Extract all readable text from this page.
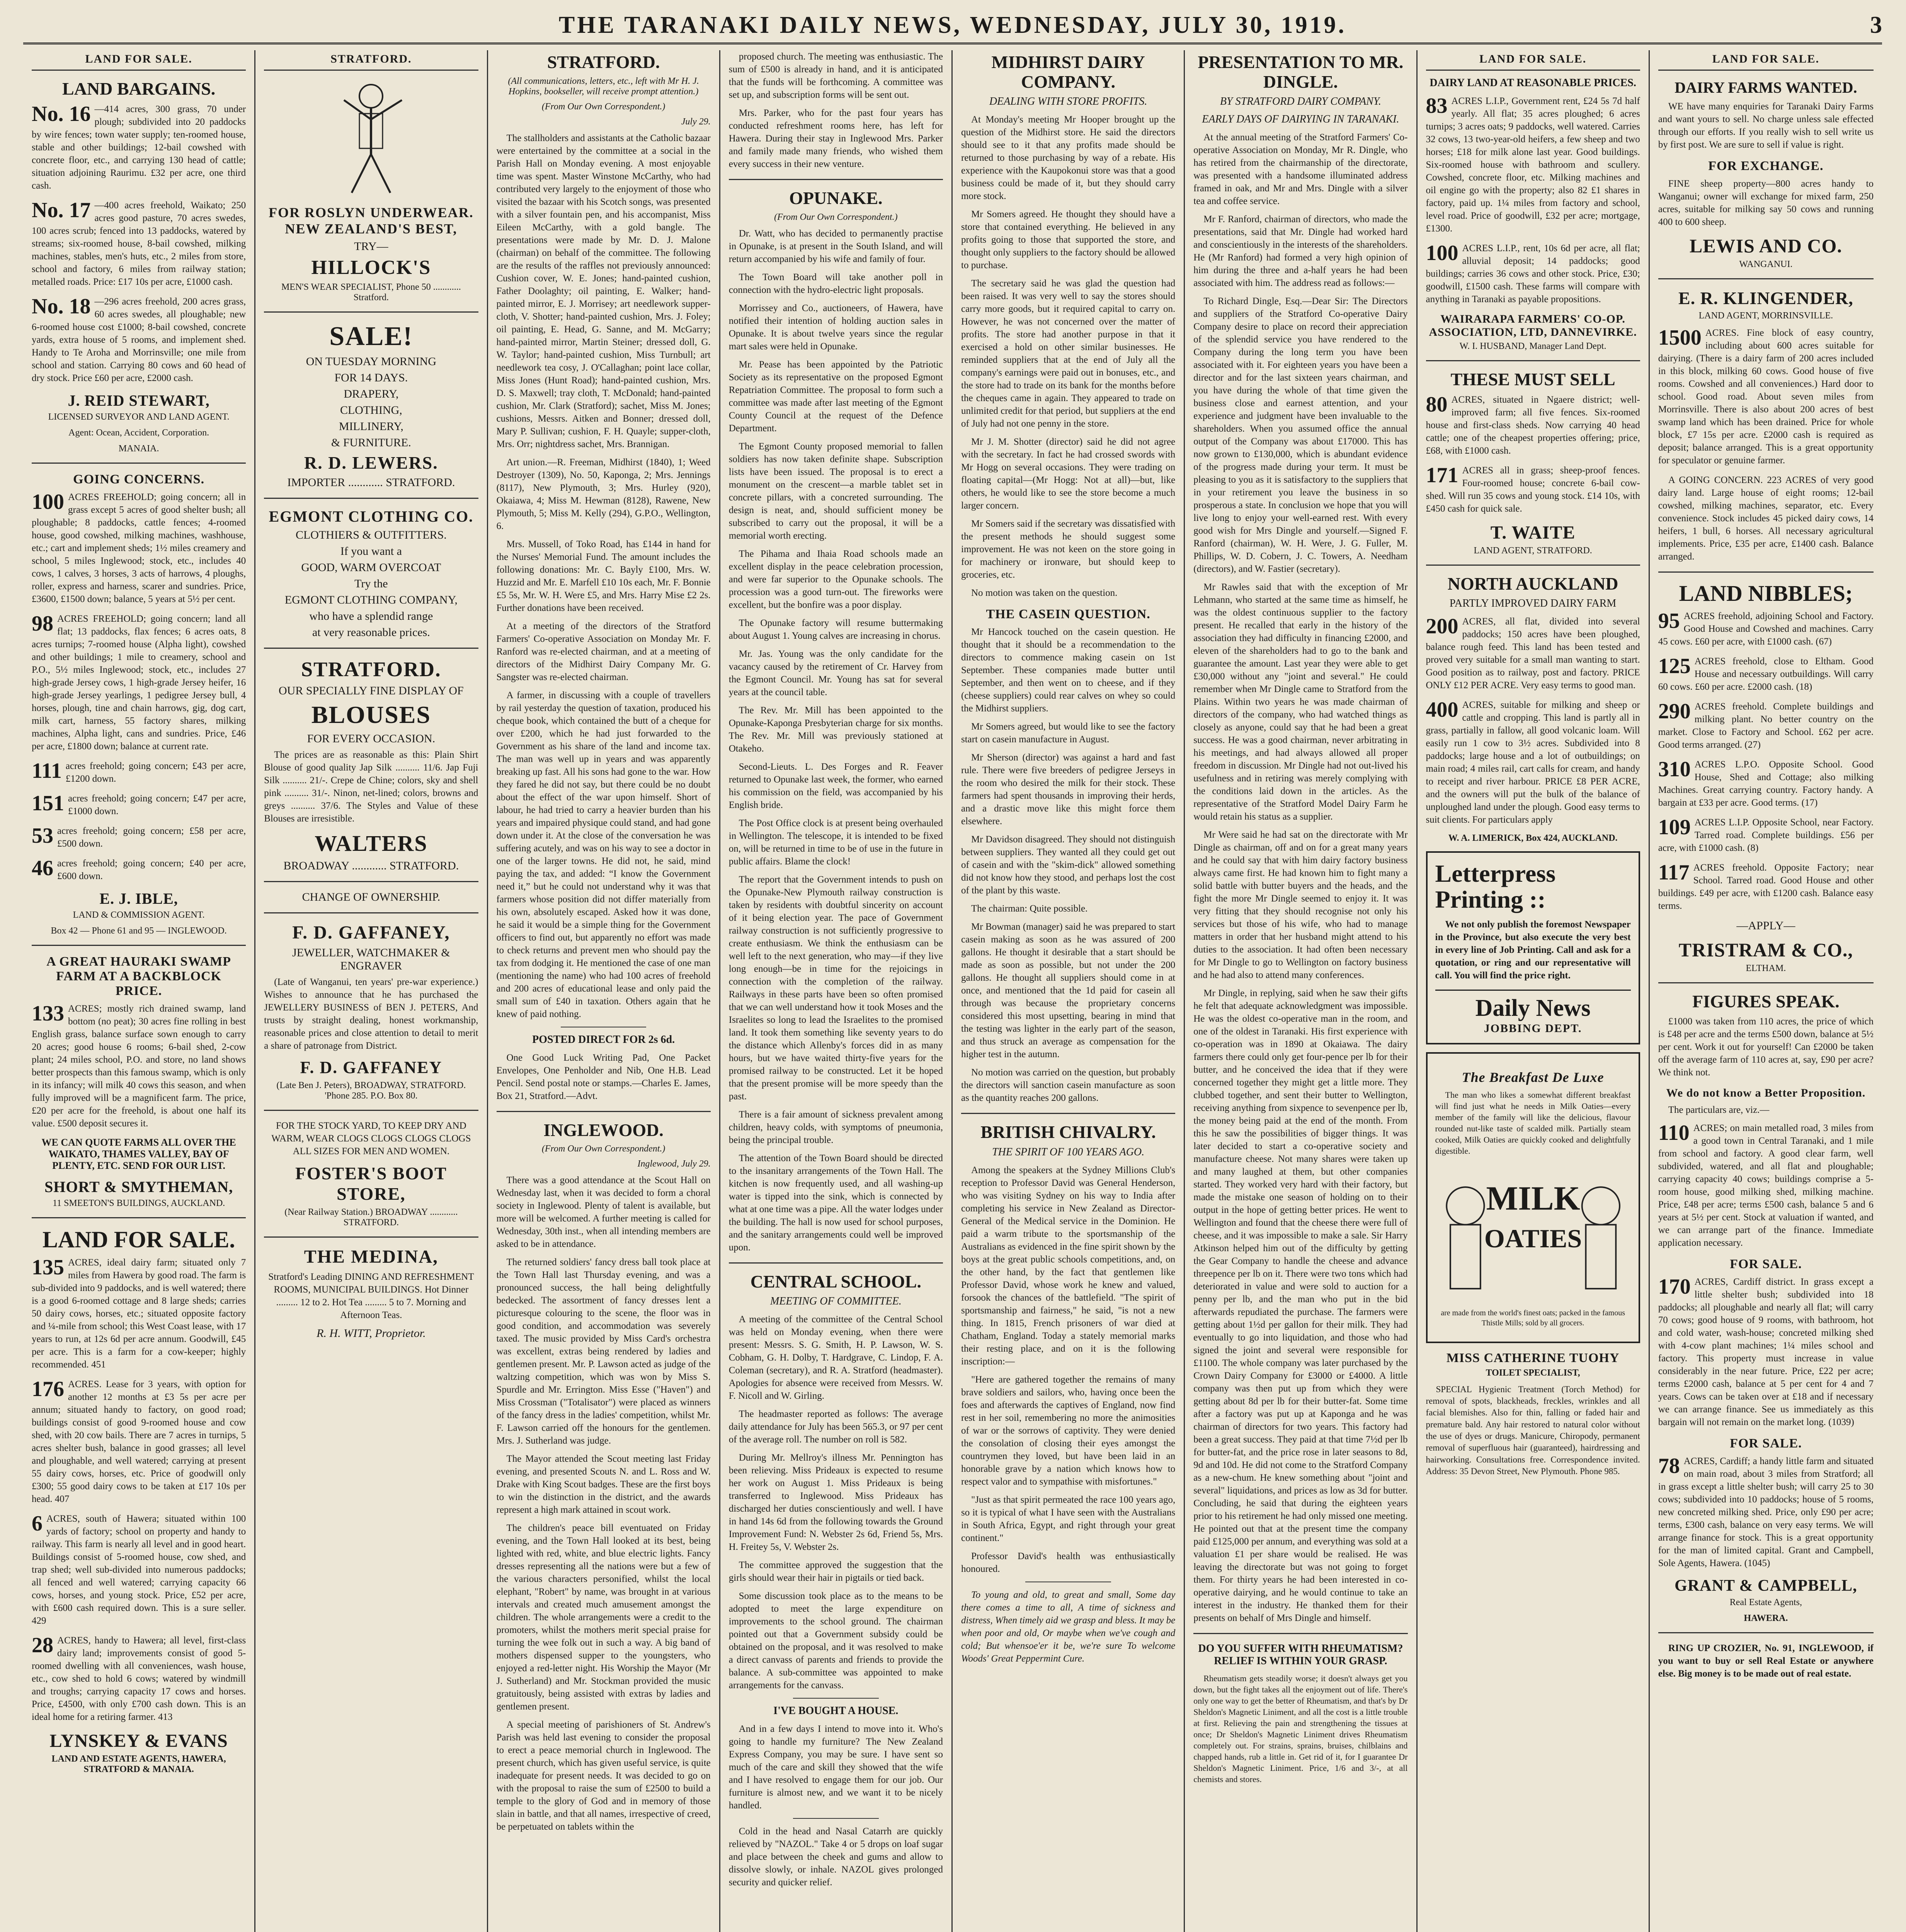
THE TARANAKI DAILY NEWS, WEDNESDAY, JULY 30, 1919.	3
LAND FOR SALE.
LAND BARGAINS.
No. 16 —414 acres, 300 grass, 70 under plough; subdivided into 20 paddocks by wire fences; town water supply; ten-roomed house, stable and other buildings; 12-bail cowshed with concrete floor, etc., and carrying 130 head of cattle; situation adjoining Raurimu. £32 per acre, one third cash.
No. 17 —400 acres freehold, Waikato; 250 acres good pasture, 70 acres swedes, 100 acres scrub; fenced into 13 paddocks, watered by streams; six-roomed house, 8-bail cowshed, milking machines, stables, men's huts, etc., 2 miles from store, school and factory, 6 miles from railway station; metalled roads. Price: £17 10s per acre, £1000 cash.
No. 18 —296 acres freehold, 200 acres grass, 60 acres swedes, all ploughable; new 6-roomed house cost £1000; 8-bail cowshed, concrete yards, extra house of 5 rooms, and implement shed. Handy to Te Aroha and Morrinsville; one mile from school and station. Carrying 80 cows and 60 head of dry stock. Price £60 per acre, £2000 cash.
J. REID STEWART,
LICENSED SURVEYOR AND LAND AGENT.
Agent: Ocean, Accident, Corporation.
MANAIA.
GOING CONCERNS.
100 ACRES FREEHOLD; going concern; all in grass except 5 acres of good shelter bush; all ploughable; 8 paddocks, cattle fences; 4-roomed house, good cowshed, milking machines, washhouse, etc.; cart and implement sheds; 1½ miles creamery and school, 5 miles Inglewood; stock, etc., includes 40 cows, 1 calves, 3 horses, 3 acts of harrows, 4 ploughs, roller, express and harness, scarer and sundries. Price, £3600, £1500 down; balance, 5 years at 5½ per cent.
98 ACRES FREEHOLD; going concern; land all flat; 13 paddocks, flax fences; 6 acres oats, 8 acres turnips; 7-roomed house (Alpha light), cowshed and other buildings; 1 mile to creamery, school and P.O., 5½ miles Inglewood; stock, etc., includes 27 high-grade Jersey cows, 1 high-grade Jersey heifer, 16 high-grade Jersey yearlings, 1 pedigree Jersey bull, 4 horses, plough, tine and chain harrows, gig, dog cart, milk cart, harness, 55 factory shares, milking machines, Alpha light, cans and sundries. Price, £46 per acre, £1800 down; balance at current rate.
111 acres freehold; going concern; £43 per acre, £1200 down.
151 acres freehold; going concern; £47 per acre, £1000 down.
53 acres freehold; going concern; £58 per acre, £500 down.
46 acres freehold; going concern; £40 per acre, £600 down.
E. J. IBLE,
LAND & COMMISSION AGENT.
Box 42 — Phone 61 and 95 — INGLEWOOD.
A GREAT HAURAKI SWAMP FARM AT A BACKBLOCK PRICE.
133 ACRES; mostly rich drained swamp, land bottom (no peat); 30 acres fine rolling in best English grass, balance surface sown enough to carry 20 acres; good house 6 rooms; 6-bail shed, 2-cow plant; 24 miles school, P.O. and store, no land shows better prospects than this famous swamp, which is only in its infancy; will milk 40 cows this season, and when fully improved will be a magnificent farm. The price, £20 per acre for the freehold, is about one half its value. £500 deposit secures it.
WE CAN QUOTE FARMS ALL OVER THE WAIKATO, THAMES VALLEY, BAY OF PLENTY, ETC. SEND FOR OUR LIST.
SHORT & SMYTHEMAN,
11 SMEETON'S BUILDINGS, AUCKLAND.
LAND FOR SALE.
135 ACRES, ideal dairy farm; situated only 7 miles from Hawera by good road. The farm is sub-divided into 9 paddocks, and is well watered; there is a good 6-roomed cottage and 8 large sheds; carries 50 dairy cows, horses, etc.; situated opposite factory and ¼-mile from school; this West Coast lease, with 17 years to run, at 12s 6d per acre annum. Goodwill, £45 per acre. This is a farm for a cow-keeper; highly recommended. 451
176 ACRES. Lease for 3 years, with option for another 12 months at £3 5s per acre per annum; situated handy to factory, on good road; buildings consist of good 9-roomed house and cow shed, with 20 cow bails. There are 7 acres in turnips, 5 acres shelter bush, balance in good grasses; all level and ploughable, and well watered; carrying at present 55 dairy cows, horses, etc. Price of goodwill only £300; 55 good dairy cows to be taken at £17 10s per head. 407
6 ACRES, south of Hawera; situated within 100 yards of factory; school on property and handy to railway. This farm is nearly all level and in good heart. Buildings consist of 5-roomed house, cow shed, and trap shed; well sub-divided into numerous paddocks; all fenced and well watered; carrying capacity 66 cows, horses, and young stock. Price, £52 per acre, with £600 cash required down. This is a sure seller. 429
28 ACRES, handy to Hawera; all level, first-class dairy land; improvements consist of good 5-roomed dwelling with all conveniences, wash house, etc., cow shed to hold 6 cows; watered by windmill and troughs; carrying capacity 17 cows and horses. Price, £4500, with only £700 cash down. This is an ideal home for a retiring farmer. 413
LYNSKEY & EVANS
LAND AND ESTATE AGENTS, HAWERA, STRATFORD & MANAIA.
STRATFORD.
FOR ROSLYN UNDERWEAR. NEW ZEALAND'S BEST,
TRY—
HILLOCK'S
MEN'S WEAR SPECIALIST, Phone 50 ............ Stratford.
SALE!
ON TUESDAY MORNING
FOR 14 DAYS.
DRAPERY,
CLOTHING,
MILLINERY,
& FURNITURE.
R. D. LEWERS.
IMPORTER ............ STRATFORD.
EGMONT CLOTHING CO.
CLOTHIERS & OUTFITTERS.
If you want a
GOOD, WARM OVERCOAT
Try the
EGMONT CLOTHING COMPANY,
who have a splendid range
at very reasonable prices.
STRATFORD.
OUR SPECIALLY FINE DISPLAY OF
BLOUSES
FOR EVERY OCCASION.

The prices are as reasonable as this: Plain Shirt Blouse of good quality Jap Silk .......... 11/6. Jap Fuji Silk .......... 21/-. Crepe de Chine; colors, sky and shell pink .......... 31/-. Ninon, net-lined; colors, browns and greys .......... 37/6. The Styles and Value of these Blouses are irresistible.

WALTERS
BROADWAY ............ STRATFORD.
CHANGE OF OWNERSHIP.
F. D. GAFFANEY,
JEWELLER, WATCHMAKER & ENGRAVER

(Late of Wanganui, ten years' pre-war experience.) Wishes to announce that he has purchased the JEWELLERY BUSINESS of BEN J. PETERS, And trusts by straight dealing, honest workmanship, reasonable prices and close attention to detail to merit a share of patronage from District.

F. D. GAFFANEY
(Late Ben J. Peters), BROADWAY, STRATFORD. 'Phone 285. P.O. Box 80.

FOR THE STOCK YARD, TO KEEP DRY AND WARM, WEAR CLOGS CLOGS CLOGS CLOGS ALL SIZES FOR MEN AND WOMEN.

FOSTER'S BOOT STORE,
(Near Railway Station.) BROADWAY ............ STRATFORD.
THE MEDINA,

Stratford's Leading DINING AND REFRESHMENT ROOMS, MUNICIPAL BUILDINGS. Hot Dinner ......... 12 to 2. Hot Tea ......... 5 to 7. Morning and Afternoon Teas.

R. H. WITT, Proprietor.
STRATFORD.
(All communications, letters, etc., left with Mr H. J. Hopkins, bookseller, will receive prompt attention.)
(From Our Own Correspondent.)
July 29.

The stallholders and assistants at the Catholic bazaar were entertained by the committee at a social in the Parish Hall on Monday evening. A most enjoyable time was spent. Master Winstone McCarthy, who had contributed very largely to the enjoyment of those who visited the bazaar with his Scotch songs, was presented with a silver fountain pen, and his accompanist, Miss Eileen McCarthy, with a gold bangle. The presentations were made by Mr. D. J. Malone (chairman) on behalf of the committee. The following are the results of the raffles not previously announced: Cushion cover, W. E. Jones; hand-painted cushion, Father Doolaghty; oil painting, E. Walker; hand-painted mirror, E. J. Morrisey; art needlework supper-cloth, V. Shotter; hand-painted cushion, Mrs. J. Foley; oil painting, E. Head, G. Sanne, and M. McGarry; hand-painted mirror, Martin Steiner; dressed doll, G. W. Taylor; hand-painted cushion, Miss Turnbull; art needlework tea cosy, J. O'Callaghan; point lace collar, Miss Jones (Hunt Road); hand-painted cushion, Mrs. D. S. Maxwell; tray cloth, T. McDonald; hand-painted cushion, Mr. Clark (Stratford); sachet, Miss M. Jones; cushions, Messrs. Aitken and Bonner; dressed doll, Mary P. Sullivan; cushion, F. H. Quayle; supper-cloth, Mrs. Orr; nightdress sachet, Mrs. Brannigan.

Art union.—R. Freeman, Midhirst (1840), 1; Weed Destroyer (1309), No. 50, Kaponga, 2; Mrs. Jennings (8117), New Plymouth, 3; Mrs. Hurley (920), Okaiawa, 4; Miss M. Hewman (8128), Rawene, New Plymouth, 5; Miss M. Kelly (294), G.P.O., Wellington, 6.

Mrs. Mussell, of Toko Road, has £144 in hand for the Nurses' Memorial Fund. The amount includes the following donations: Mr. C. Bayly £100, Mrs. W. Huzzid and Mr. E. Marfell £10 10s each, Mr. F. Bonnie £5 5s, Mr. W. H. Were £5, and Mrs. Harry Mise £2 2s. Further donations have been received.

At a meeting of the directors of the Stratford Farmers' Co-operative Association on Monday Mr. F. Ranford was re-elected chairman, and at a meeting of directors of the Midhirst Dairy Company Mr. G. Sangster was re-elected chairman.

A farmer, in discussing with a couple of travellers by rail yesterday the question of taxation, produced his cheque book, which contained the butt of a cheque for over £200, which he had just forwarded to the Government as his share of the land and income tax. The man was well up in years and was apparently breaking up fast. All his sons had gone to the war. How they fared he did not say, but there could be no doubt about the effect of the war upon himself. Short of labour, he had tried to carry a heavier burden than his years and impaired physique could stand, and had gone down under it. At the close of the conversation he was suffering acutely, and was on his way to see a doctor in one of the larger towns. He did not, he said, mind paying the tax, and added: “I know the Government need it,” but he could not understand why it was that farmers whose position did not differ materially from his own, absolutely escaped. Asked how it was done, he said it would be a simple thing for the Government officers to find out, but apparently no effort was made to check returns and prevent men who should pay the tax from dodging it. He mentioned the case of one man (mentioning the name) who had 100 acres of freehold and 200 acres of educational lease and only paid the small sum of £40 in taxation. Others again that he knew of paid nothing.

POSTED DIRECT FOR 2s 6d.

One Good Luck Writing Pad, One Packet Envelopes, One Penholder and Nib, One H.B. Lead Pencil. Send postal note or stamps.—Charles E. James, Box 21, Stratford.—Advt.

INGLEWOOD.
(From Our Own Correspondent.)
Inglewood, July 29.

There was a good attendance at the Scout Hall on Wednesday last, when it was decided to form a choral society in Inglewood. Plenty of talent is available, but more will be welcomed. A further meeting is called for Wednesday, 30th inst., when all intending members are asked to be in attendance.

The returned soldiers' fancy dress ball took place at the Town Hall last Thursday evening, and was a pronounced success, the hall being delightfully bedecked. The assortment of fancy dresses lent a picturesque colouring to the scene, the floor was in good condition, and accommodation was severely taxed. The music provided by Miss Card's orchestra was excellent, extras being rendered by ladies and gentlemen present. Mr. P. Lawson acted as judge of the waltzing competition, which was won by Miss S. Spurdle and Mr. Errington. Miss Esse ("Haven") and Miss Crossman ("Totalisator") were placed as winners of the fancy dress in the ladies' competition, whilst Mr. F. Lawson carried off the honours for the gentlemen. Mrs. J. Sutherland was judge.

The Mayor attended the Scout meeting last Friday evening, and presented Scouts N. and L. Ross and W. Drake with King Scout badges. These are the first boys to win the distinction in the district, and the awards represent a high mark attained in scout work.

The children's peace bill eventuated on Friday evening, and the Town Hall looked at its best, being lighted with red, white, and blue electric lights. Fancy dresses representing all the nations were but a few of the various characters personified, whilst the local elephant, "Robert" by name, was brought in at various intervals and created much amusement amongst the children. The whole arrangements were a credit to the promoters, whilst the mothers merit special praise for turning the wee folk out in such a way. A big band of mothers dispensed supper to the youngsters, who enjoyed a red-letter night. His Worship the Mayor (Mr J. Sutherland) and Mr. Stockman provided the music gratuitously, being assisted with extras by ladies and gentlemen present.

A special meeting of parishioners of St. Andrew's Parish was held last evening to consider the proposal to erect a peace memorial church in Inglewood. The present church, which has given useful service, is quite inadequate for present needs. It was decided to go on with the proposal to raise the sum of £2500 to build a temple to the glory of God and in memory of those slain in battle, and that all names, irrespective of creed, be perpetuated on tablets within the

proposed church. The meeting was enthusiastic. The sum of £500 is already in hand, and it is anticipated that the funds will be forthcoming. A committee was set up, and subscription forms will be sent out.

Mrs. Parker, who for the past four years has conducted refreshment rooms here, has left for Hawera. During their stay in Inglewood Mrs. Parker and family made many friends, who wished them every success in their new venture.

OPUNAKE.
(From Our Own Correspondent.)

Dr. Watt, who has decided to permanently practise in Opunake, is at present in the South Island, and will return accompanied by his wife and family of four.

The Town Board will take another poll in connection with the hydro-electric light proposals.

Morrissey and Co., auctioneers, of Hawera, have notified their intention of holding auction sales in Opunake. It is about twelve years since the regular mart sales were held in Opunake.

Mr. Pease has been appointed by the Patriotic Society as its representative on the proposed Egmont Repatriation Committee. The proposal to form such a committee was made after last meeting of the Egmont County Council at the request of the Defence Department.

The Egmont County proposed memorial to fallen soldiers has now taken definite shape. Subscription lists have been issued. The proposal is to erect a monument on the crescent—a marble tablet set in concrete pillars, with a concreted surrounding. The design is neat, and, should sufficient money be subscribed to carry out the proposal, it will be a memorial worth erecting.

The Pihama and Ihaia Road schools made an excellent display in the peace celebration procession, and were far superior to the Opunake schools. The procession was a good turn-out. The fireworks were excellent, but the bonfire was a poor display.

The Opunake factory will resume buttermaking about August 1. Young calves are increasing in chorus.

Mr. Jas. Young was the only candidate for the vacancy caused by the retirement of Cr. Harvey from the Egmont Council. Mr. Young has sat for several years at the council table.

The Rev. Mr. Mill has been appointed to the Opunake-Kaponga Presbyterian charge for six months. The Rev. Mr. Mill was previously stationed at Otakeho.

Second-Lieuts. L. Des Forges and R. Feaver returned to Opunake last week, the former, who earned his commission on the field, was accompanied by his English bride.

The Post Office clock is at present being overhauled in Wellington. The telescope, it is intended to be fixed on, will be returned in time to be of use in the future in public affairs. Blame the clock!

The report that the Government intends to push on the Opunake-New Plymouth railway construction is taken by residents with doubtful sincerity on account of it being election year. The pace of Government railway construction is not sufficiently progressive to create enthusiasm. We think the enthusiasm can be well left to the next generation, who may—if they live long enough—be in time for the rejoicings in connection with the completion of the railway. Railways in these parts have been so often promised that we can well understand how it took Moses and the Israelites so long to lead the Israelites to the promised land. It took them something like seventy years to do the distance which Allenby's forces did in as many hours, but we have waited thirty-five years for the promised railway to be constructed. Let it be hoped that the present promise will be more speedy than the past.

There is a fair amount of sickness prevalent among children, heavy colds, with symptoms of pneumonia, being the principal trouble.

The attention of the Town Board should be directed to the insanitary arrangements of the Town Hall. The kitchen is now frequently used, and all washing-up water is tipped into the sink, which is connected by what at one time was a pipe. All the water lodges under the building. The hall is now used for school purposes, and the sanitary arrangements could well be improved upon.

CENTRAL SCHOOL.
MEETING OF COMMITTEE.

A meeting of the committee of the Central School was held on Monday evening, when there were present: Messrs. S. G. Smith, H. P. Lawson, W. S. Cobham, G. H. Dolby, T. Hardgrave, C. Lindop, F. A. Coleman (secretary), and R. A. Stratford (headmaster). Apologies for absence were received from Messrs. W. F. Nicoll and W. Girling.

The headmaster reported as follows: The average daily attendance for July has been 565.3, or 97 per cent of the average roll. The number on roll is 582.

During Mr. Mellroy's illness Mr. Pennington has been relieving. Miss Prideaux is expected to resume her work on August 1. Miss Prideaux is being transferred to Inglewood. Miss Prideaux has discharged her duties conscientiously and well. I have in hand 14s 6d from the following towards the Ground Improvement Fund: N. Webster 2s 6d, Friend 5s, Mrs. H. Freitey 5s, V. Webster 2s.

The committee approved the suggestion that the girls should wear their hair in pigtails or tied back.

Some discussion took place as to the means to be adopted to meet the large expenditure on improvements to the school ground. The chairman pointed out that a Government subsidy could be obtained on the proposal, and it was resolved to make a direct canvass of parents and friends to provide the balance. A sub-committee was appointed to make arrangements for the canvass.

I'VE BOUGHT A HOUSE.

And in a few days I intend to move into it. Who's going to handle my furniture? The New Zealand Express Company, you may be sure. I have sent so much of the care and skill they showed that the wife and I have resolved to engage them for our job. Our furniture is almost new, and we want it to be nicely handled.

Cold in the head and Nasal Catarrh are quickly relieved by "NAZOL." Take 4 or 5 drops on loaf sugar and place between the cheek and gums and allow to dissolve slowly, or inhale. NAZOL gives prolonged security and quicker relief.

MIDHIRST DAIRY COMPANY.
DEALING WITH STORE PROFITS.

At Monday's meeting Mr Hooper brought up the question of the Midhirst store. He said the directors should see to it that any profits made should be returned to those purchasing by way of a rebate. His experience with the Kaupokonui store was that a good business could be made of it, but they should carry more stock.

Mr Somers agreed. He thought they should have a store that contained everything. He believed in any profits going to those that supported the store, and thought only suppliers to the factory should be allowed to purchase.

The secretary said he was glad the question had been raised. It was very well to say the stores should carry more goods, but it required capital to carry on. However, he was not concerned over the matter of profits. The store had another purpose in that it exercised a hold on other similar businesses. He reminded suppliers that at the end of July all the company's earnings were paid out in bonuses, etc., and the store had to trade on its bank for the months before the cheques came in again. They appeared to trade on unlimited credit for that period, but suppliers at the end of July had not one penny in the store.

Mr J. M. Shotter (director) said he did not agree with the secretary. In fact he had crossed swords with Mr Hogg on several occasions. They were trading on floating capital—(Mr Hogg: Not at all)—but, like others, he would like to see the store become a much larger concern.

Mr Somers said if the secretary was dissatisfied with the present methods he should suggest some improvement. He was not keen on the store going in for machinery or ironware, but should keep to groceries, etc.

No motion was taken on the question.

THE CASEIN QUESTION.

Mr Hancock touched on the casein question. He thought that it should be a recommendation to the directors to commence making casein on 1st September. These companies made butter until September, and then went on to cheese, and if they (cheese suppliers) could rear calves on whey so could the Midhirst suppliers.

Mr Somers agreed, but would like to see the factory start on casein manufacture in August.

Mr Sherson (director) was against a hard and fast rule. There were five breeders of pedigree Jerseys in the room who desired the milk for their stock. These farmers had spent thousands in improving their herds, and a drastic move like this might force them elsewhere.

Mr Davidson disagreed. They should not distinguish between suppliers. They wanted all they could get out of casein and with the "skim-dick" allowed something did not know how they stood, and perhaps lost the cost of the plant by this waste.

The chairman: Quite possible.

Mr Bowman (manager) said he was prepared to start casein making as soon as he was assured of 200 gallons. He thought it desirable that a start should be made as soon as possible, but not under the 200 gallons. He thought all suppliers should come in at once, and mentioned that the 1d paid for casein all through was because the proprietary concerns considered this most upsetting, bearing in mind that the testing was lighter in the early part of the season, and thus struck an average as compensation for the higher test in the autumn.

No motion was carried on the question, but probably the directors will sanction casein manufacture as soon as the quantity reaches 200 gallons.

BRITISH CHIVALRY.
THE SPIRIT OF 100 YEARS AGO.

Among the speakers at the Sydney Millions Club's reception to Professor David was General Henderson, who was visiting Sydney on his way to India after completing his service in New Zealand as Director-General of the Medical service in the Dominion. He paid a warm tribute to the sportsmanship of the Australians as evidenced in the fine spirit shown by the boys at the great public schools competitions, and, on the other hand, by the fact that gentlemen like Professor David, whose work he knew and valued, forsook the chances of the battlefield. "The spirit of sportsmanship and fairness," he said, "is not a new thing. In 1815, French prisoners of war died at Chatham, England. Today a stately memorial marks their resting place, and on it is the following inscription:—

"Here are gathered together the remains of many brave soldiers and sailors, who, having once been the foes and afterwards the captives of England, now find rest in her soil, remembering no more the animosities of war or the sorrows of captivity. They were denied the consolation of closing their eyes amongst the countrymen they loved, but have been laid in an honorable grave by a nation which knows how to respect valor and to sympathise with misfortunes."

"Just as that spirit permeated the race 100 years ago, so it is typical of what I have seen with the Australians in South Africa, Egypt, and right through your great continent."

Professor David's health was enthusiastically honoured.

To young and old, to great and small, Some day there comes a time to all, A time of sickness and distress, When timely aid we grasp and bless. It may be when poor and old, Or maybe when we've cough and cold; But whensoe'er it be, we're sure To welcome Woods' Great Peppermint Cure.

PRESENTATION TO MR. DINGLE.
BY STRATFORD DAIRY COMPANY.
EARLY DAYS OF DAIRYING IN TARANAKI.

At the annual meeting of the Stratford Farmers' Co-operative Association on Monday, Mr R. Dingle, who has retired from the chairmanship of the directorate, was presented with a handsome illuminated address framed in oak, and Mr and Mrs. Dingle with a silver tea and coffee service.

Mr F. Ranford, chairman of directors, who made the presentations, said that Mr. Dingle had worked hard and conscientiously in the interests of the shareholders. He (Mr Ranford) had formed a very high opinion of him during the three and a-half years he had been associated with him. The address read as follows:—

To Richard Dingle, Esq.—Dear Sir: The Directors and suppliers of the Stratford Co-operative Dairy Company desire to place on record their appreciation of the splendid service you have rendered to the Company during the long term you have been associated with it. For eighteen years you have been a director and for the last sixteen years chairman, and you have during the whole of that time given the business close and earnest attention, and your experience and judgment have been invaluable to the shareholders. When you assumed office the annual output of the Company was about £17000. This has now grown to £130,000, which is abundant evidence of the progress made during your term. It must be pleasing to you as it is satisfactory to the suppliers that in your retirement you leave the business in so prosperous a state. In conclusion we hope that you will live long to enjoy your well-earned rest. With every good wish for Mrs Dingle and yourself.—Signed F. Ranford (chairman), W. H. Were, J. G. Fuller, M. Phillips, W. D. Cobern, J. C. Towers, A. Needham (directors), and W. Fastier (secretary).

Mr Rawles said that with the exception of Mr Lehmann, who started at the same time as himself, he was the oldest continuous supplier to the factory present. He recalled that early in the history of the association they had difficulty in financing £2000, and eleven of the shareholders had to go to the bank and guarantee the amount. Last year they were able to get £30,000 without any "joint and several." He could remember when Mr Dingle came to Stratford from the Plains. Within two years he was made chairman of directors of the company, who had watched things as closely as anyone, could say that he had been a great success. He was a good chairman, never arbitrating in his meetings, and had always allowed all proper freedom in discussion. Mr Dingle had not out-lived his usefulness and in retiring was merely complying with the conditions laid down in the articles. As the representative of the Stratford Model Dairy Farm he would retain his status as a supplier.

Mr Were said he had sat on the directorate with Mr Dingle as chairman, off and on for a great many years and he could say that with him dairy factory business always came first. He had known him to fight many a solid battle with butter buyers and the heads, and the fight the more Mr Dingle seemed to enjoy it. It was very fitting that they should recognise not only his services but those of his wife, who had to manage matters in order that her husband might attend to his duties to the association. It had often been necessary for Mr Dingle to go to Wellington on factory business and he had also to attend many conferences.

Mr Dingle, in replying, said when he saw their gifts he felt that adequate acknowledgment was impossible. He was the oldest co-operative man in the room, and one of the oldest in Taranaki. His first experience with co-operation was in 1890 at Okaiawa. The dairy farmers there could only get four-pence per lb for their butter, and he conceived the idea that if they were concerned together they might get a little more. They clubbed together, and sent their butter to Wellington, receiving anything from sixpence to sevenpence per lb, the money being paid at the end of the month. From this he saw the possibilities of bigger things. It was later decided to start a co-operative society and manufacture cheese. Not many shares were taken up and many laughed at them, but other companies started. They worked very hard with their factory, but made the mistake one season of holding on to their output in the hope of getting better prices. He went to Wellington and found that the cheese there were full of cheese, and it was impossible to make a sale. Sir Harry Atkinson helped him out of the difficulty by getting the Gear Company to handle the cheese and advance threepence per lb on it. There were two tons which had deteriorated in value and were sold to auction for a penny per lb, and the man who put in the bid afterwards repudiated the purchase. The farmers were getting about 1½d per gallon for their milk. They had eventually to go into liquidation, and those who had signed the joint and several were responsible for £1100. The whole company was later purchased by the Crown Dairy Company for £3000 or £4000. A little company was then put up from which they were getting about 8d per lb for their butter-fat. Some time after a factory was put up at Kaponga and he was chairman of directors for two years. This factory had been a great success. They paid at that time 7½d per lb for butter-fat, and the price rose in later seasons to 8d, 9d and 10d. He did not come to the Stratford Company as a new-chum. He knew something about "joint and several" liquidations, and prices as low as 3d for butter. Concluding, he said that during the eighteen years prior to his retirement he had only missed one meeting. He pointed out that at the present time the company paid £125,000 per annum, and everything was sold at a valuation £1 per share would be realised. He was leaving the directorate but was not going to forget them. For thirty years he had been interested in co-operative dairying, and he would continue to take an interest in the industry. He thanked them for their presents on behalf of Mrs Dingle and himself.

DO YOU SUFFER WITH RHEUMATISM? RELIEF IS WITHIN YOUR GRASP.

Rheumatism gets steadily worse; it doesn't always get you down, but the fight takes all the enjoyment out of life. There's only one way to get the better of Rheumatism, and that's by Dr Sheldon's Magnetic Liniment, and all the cost is a little trouble at first. Relieving the pain and strengthening the tissues at once; Dr Sheldon's Magnetic Liniment drives Rheumatism completely out. For strains, sprains, bruises, chilblains and chapped hands, rub a little in. Get rid of it, for I guarantee Dr Sheldon's Magnetic Liniment. Price, 1/6 and 3/-, at all chemists and stores.

LAND FOR SALE.
DAIRY LAND AT REASONABLE PRICES.
83 ACRES L.I.P., Government rent, £24 5s 7d half yearly. All flat; 35 acres ploughed; 6 acres turnips; 3 acres oats; 9 paddocks, well watered. Carries 32 cows, 13 two-year-old heifers, a few sheep and two horses; £18 for milk alone last year. Good buildings. Six-roomed house with bathroom and scullery. Cowshed, concrete floor, etc. Milking machines and oil engine go with the property; also 82 £1 shares in factory, paid up. 1¼ miles from factory and school, level road. Price of goodwill, £32 per acre; mortgage, £1300.
100 ACRES L.I.P., rent, 10s 6d per acre, all flat; alluvial deposit; 14 paddocks; good buildings; carries 36 cows and other stock. Price, £30; goodwill, £1500 cash. These farms will compare with anything in Taranaki as payable propositions.
WAIRARAPA FARMERS' CO-OP. ASSOCIATION, LTD, DANNEVIRKE.
W. I. HUSBAND, Manager Land Dept.
THESE MUST SELL
80 ACRES, situated in Ngaere district; well-improved farm; all five fences. Six-roomed house and first-class sheds. Now carrying 40 head cattle; one of the cheapest properties offering; price, £68, with £1000 cash.
171 ACRES all in grass; sheep-proof fences. Four-roomed house; concrete 6-bail cow-shed. Will run 35 cows and young stock. £14 10s, with £450 cash for quick sale.
T. WAITE
LAND AGENT, STRATFORD.
NORTH AUCKLAND
PARTLY IMPROVED DAIRY FARM
200 ACRES, all flat, divided into several paddocks; 150 acres have been ploughed, balance rough feed. This land has been tested and proved very suitable for a small man wanting to start. Good position as to railway, post and factory. PRICE ONLY £12 PER ACRE. Very easy terms to good man.
400 ACRES, suitable for milking and sheep or cattle and cropping. This land is partly all in grass, partially in fallow, all good volcanic loam. Will easily run 1 cow to 3½ acres. Subdivided into 8 paddocks; large house and a lot of outbuildings; on main road; 4 miles rail, cart calls for cream, and handy to receipt and river harbour. PRICE £8 PER ACRE, and the owners will put the bulk of the balance of unploughed land under the plough. Good easy terms to suit clients. For particulars apply
W. A. LIMERICK, Box 424, AUCKLAND.
Letterpress
Printing ::

We not only publish the foremost Newspaper in the Province, but also execute the very best in every line of Job Printing. Call and ask for a quotation, or ring and our representative will call. You will find the price right.

Daily News
JOBBING DEPT.
The Breakfast De Luxe

The man who likes a somewhat different breakfast will find just what he needs in Milk Oaties—every member of the family will like the delicious, flavour rounded nut-like taste of scalded milk. Partially steam cooked, Milk Oaties are quickly cooked and delightfully digestible.

MILK
OATIES

are made from the world's finest oats; packed in the famous Thistle Mills; sold by all grocers.

MISS CATHERINE TUOHY
TOILET SPECIALIST,

SPECIAL Hygienic Treatment (Torch Method) for removal of spots, blackheads, freckles, wrinkles and all facial blemishes. Also for thin, falling or faded hair and premature bald. Any hair restored to natural color without the use of dyes or drugs. Manicure, Chiropody, permanent removal of superfluous hair (guaranteed), hairdressing and hairworking. Consultations free. Correspondence invited. Address: 35 Devon Street, New Plymouth. Phone 985.

LAND FOR SALE.
DAIRY FARMS WANTED.

WE have many enquiries for Taranaki Dairy Farms and want yours to sell. No charge unless sale effected through our efforts. If you really wish to sell write us by first post. We are sure to sell if value is right.

FOR EXCHANGE.

FINE sheep property—800 acres handy to Wanganui; owner will exchange for mixed farm, 250 acres, suitable for milking say 50 cows and running 400 to 600 sheep.

LEWIS AND CO.
WANGANUI.
E. R. KLINGENDER,
LAND AGENT, MORRINSVILLE.
1500 ACRES. Fine block of easy country, including about 600 acres suitable for dairying. (There is a dairy farm of 200 acres included in this block, milking 60 cows. Good house of five rooms. Cowshed and all conveniences.) Hard door to school. Good road. About seven miles from Morrinsville. There is also about 200 acres of best swamp land which has been drained. Price for whole block, £7 15s per acre. £2000 cash is required as deposit; balance arranged. This is a great opportunity for speculator or genuine farmer.

A GOING CONCERN. 223 ACRES of very good dairy land. Large house of eight rooms; 12-bail cowshed, milking machines, separator, etc. Every convenience. Stock includes 45 picked dairy cows, 14 heifers, 1 bull, 6 horses. All necessary agricultural implements. Price, £35 per acre, £1400 cash. Balance arranged.

LAND NIBBLES;
95 ACRES freehold, adjoining School and Factory. Good House and Cowshed and machines. Carry 45 cows. £60 per acre, with £1000 cash. (67)
125 ACRES freehold, close to Eltham. Good House and necessary outbuildings. Will carry 60 cows. £60 per acre. £2000 cash. (18)
290 ACRES freehold. Complete buildings and milking plant. No better country on the market. Close to Factory and School. £62 per acre. Good terms arranged. (27)
310 ACRES L.P.O. Opposite School. Good House, Shed and Cottage; also milking Machines. Great carrying country. Factory handy. A bargain at £33 per acre. Good terms. (17)
109 ACRES L.I.P. Opposite School, near Factory. Tarred road. Complete buildings. £56 per acre, with £1000 cash. (8)
117 ACRES freehold. Opposite Factory; near School. Tarred road. Good House and other buildings. £49 per acre, with £1200 cash. Balance easy terms.
—APPLY—
TRISTRAM & CO.,
ELTHAM.
FIGURES SPEAK.

£1000 was taken from 110 acres, the price of which is £48 per acre and the terms £500 down, balance at 5½ per cent. Work it out for yourself! Can £2000 be taken off the average farm of 110 acres at, say, £90 per acre? We think not.

We do not know a Better Proposition.

The particulars are, viz.—

110 ACRES; on main metalled road, 3 miles from a good town in Central Taranaki, and 1 mile from school and factory. A good clear farm, well subdivided, watered, and all flat and ploughable; carrying capacity 40 cows; buildings comprise a 5-room house, good milking shed, milking machine. Price, £48 per acre; terms £500 cash, balance 5 and 6 years at 5½ per cent. Stock at valuation if wanted, and we can arrange part of the finance. Immediate application necessary.
FOR SALE.
170 ACRES, Cardiff district. In grass except a little shelter bush; subdivided into 18 paddocks; all ploughable and nearly all flat; will carry 70 cows; good house of 9 rooms, with bathroom, hot and cold water, wash-house; concreted milking shed with 4-cow plant machines; 1¼ miles school and factory. This property must increase in value considerably in the near future. Price, £22 per acre; terms £2000 cash, balance at 5 per cent for 4 and 7 years. Cows can be taken over at £18 and if necessary we can arrange finance. See us immediately as this bargain will not remain on the market long. (1039)
FOR SALE.
78 ACRES, Cardiff; a handy little farm and situated on main road, about 3 miles from Stratford; all in grass except a little shelter bush; will carry 25 to 30 cows; subdivided into 10 paddocks; house of 5 rooms, new concreted milking shed. Price, only £90 per acre; terms, £300 cash, balance on very easy terms. We will arrange finance for stock. This is a great opportunity for the man of limited capital. Grant and Campbell, Sole Agents, Hawera. (1045)
GRANT & CAMPBELL,
Real Estate Agents,
HAWERA.

RING UP CROZIER, No. 91, INGLEWOOD, if you want to buy or sell Real Estate or anywhere else. Big money is to be made out of real estate.
